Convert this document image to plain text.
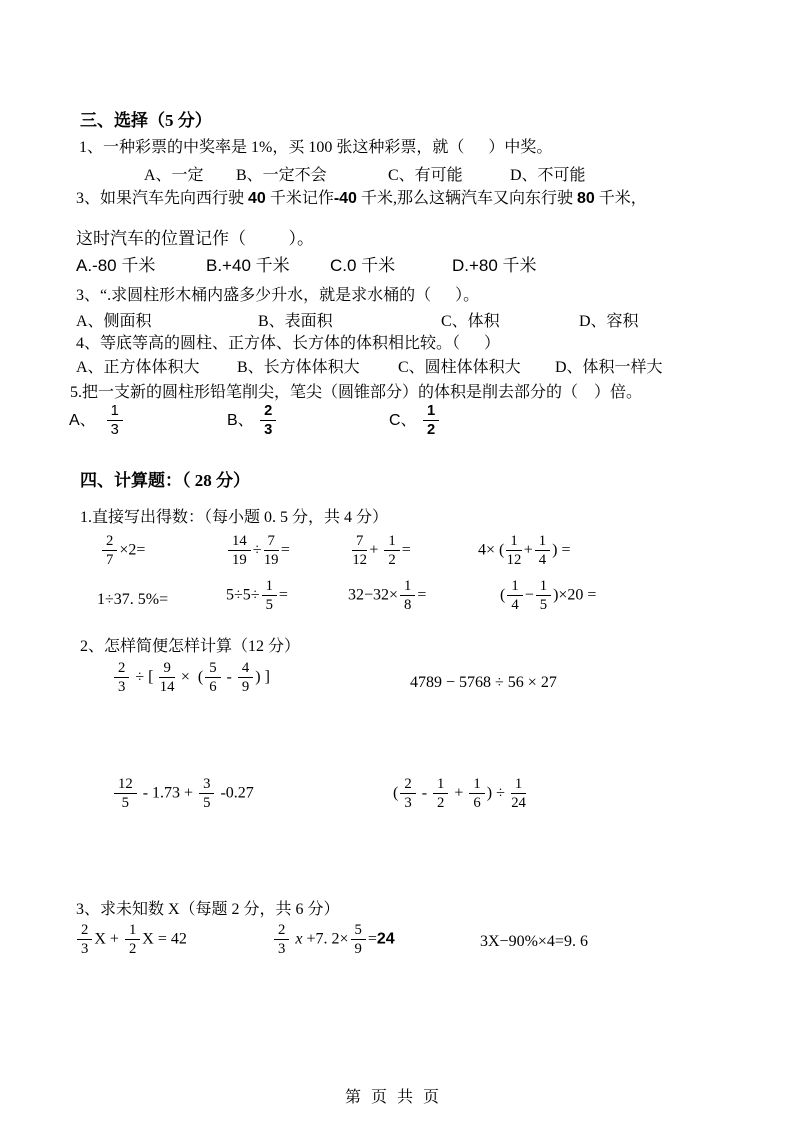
三、选择（5 分）
1、一种彩票的中奖率是 1%，买 100 张这种彩票，就（      ）中奖。
A、一定 B、一定不会	C、有可能	D、不可能
3、如果汽车先向西行驶 40 千米记作-40 千米,那么这辆汽车又向东行驶 80 千米，
这时汽车的位置记作（          ）。
A.-80 千米	B.+40 千米 C.0 千米	D.+80 千米
3、“.求圆柱形木桶内盛多少升水，就是求水桶的（      ）。
A、侧面积	B、表面积	C、体积	D、容积
4、等底等高的圆柱、正方体、长方体的体积相比较。（      ）
A、正方体体积大 B、长方体体积大 C、圆柱体体积大 D、体积一样大
5.把一支新的圆柱形铅笔削尖，笔尖（圆锥部分）的体积是削去部分的（    ）倍。
A、 $\frac{1}{3}$	B、 $\frac{2}{3}$	C、 $\frac{1}{2}$
四、计算题：（ 28 分）
1.直接写出得数：（每小题 0. 5 分，共 4 分）
$\frac{2}{7} \times 2=$	$\frac{14}{19} \div \frac{7}{19}$ =	$\frac{7}{12} + \frac{1}{2}$ =	4× ( $\frac{1}{12} + \frac{1}{4}$ ) =
1÷37. 5%=	$5\div 5\div \frac{1}{5}$ =	$32-32\times \frac{1}{8}$ =	( $\frac{1}{4} - \frac{1}{5} )\times 20$ =
2、怎样简便怎样计算（12 分）
$\frac{2}{3}$ ÷ [ $\frac{9}{14}$ ×  ( $\frac{5}{6} - \frac{4}{9}$ ) ]	4789 − 5768 ÷ 56 × 27
$\frac{12}{5} - 1.73 + \frac{3}{5} -0.27$	( $\frac{2}{3} - \frac{1}{2} + \frac{1}{6}$ ) ÷ $\frac{1}{24}$
3、求未知数 X（每题 2 分，共 6 分）
$\frac{2}{3}$ $X + \frac{1}{2}$ X = 42	$\frac{2}{3}$ x +7. $2\times \frac{5}{9} =24$	3X−90%×4=9. 6
第 页 共 页
